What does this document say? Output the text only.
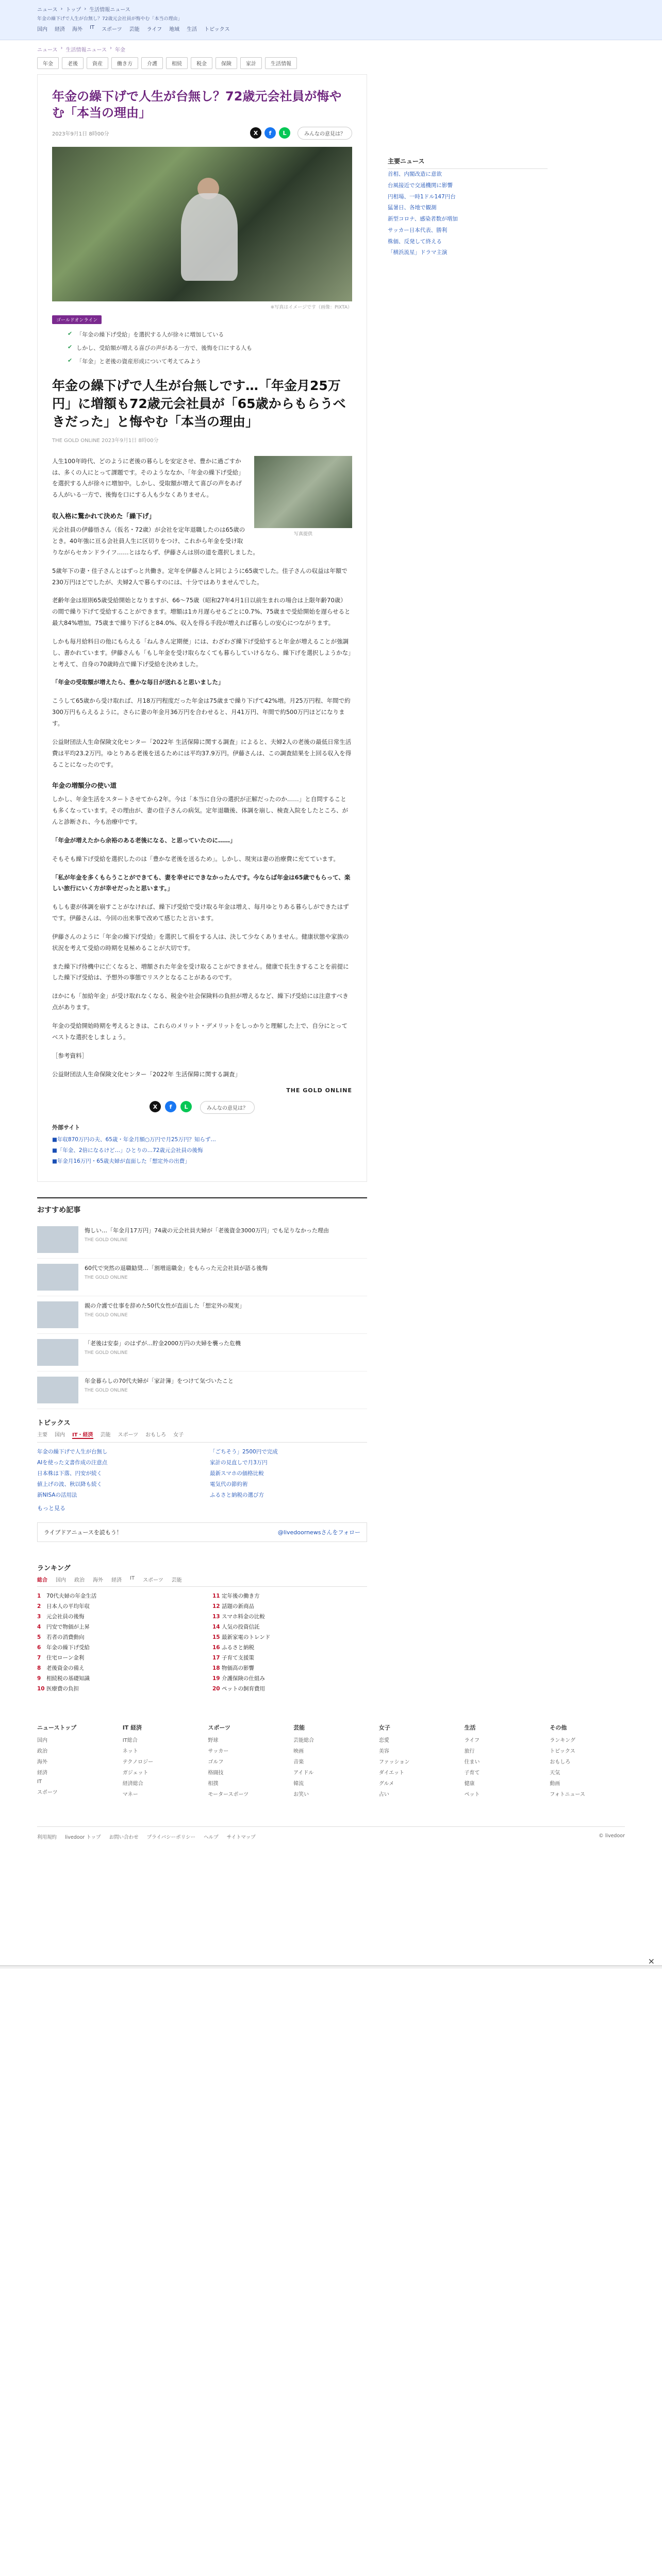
ニュース › トップ › 生活情報ニュース
年金の繰下げで人生が台無し？72歳元会社員が悔やむ「本当の理由」
国内 経済 海外 IT スポーツ 芸能 ライフ 地域 生活 トピックス
ニュース › 生活情報ニュース › 年金
年金	老後	資産	働き方	介護	相続	税金	保険	家計	生活情報
年金の繰下げで人生が台無し？72歳元会社員が悔やむ「本当の理由」
2023年9月1日 8時00分	X	f	L	みんなの意見は？
※写真はイメージです（画像：PIXTA）
ゴールドオンライン
✔ 「年金の繰下げ受給」を選択する人が徐々に増加している
✔ しかし、受給額が増える喜びの声がある一方で、後悔を口にする人も
✔ 「年金」と老後の資産形成について考えてみよう
年金の繰下げで人生が台無しです…「年金月25万円」に増額も72歳元会社員が「65歳からもらうべきだった」と悔やむ「本当の理由」
THE GOLD ONLINE 2023年9月1日 8時00分
写真提供

人生100年時代、どのように老後の暮らしを安定させ、豊かに過ごすかは、多くの人にとって課題です。そのようななか、「年金の繰下げ受給」を選択する人が徐々に増加中。しかし、受取額が増えて喜びの声をあげる人がいる一方で、後悔を口にする人も少なくありません。

収入格に驚かれて決めた「繰下げ」

元会社員の伊藤悟さん（仮名・72歳）が会社を定年退職したのは65歳のとき。40年強に亘る会社員人生に区切りをつけ、これから年金を受け取りながらセカンドライフ……とはならず、伊藤さんは別の道を選択しました。

5歳年下の妻・佳子さんとはずっと共働き。定年を伊藤さんと同じように65歳でした。佳子さんの収益は年額で230万円ほどでしたが、夫婦2人で暮らすのには、十分ではありませんでした。

老齢年金は原則65歳受給開始となりますが、66〜75歳（昭和27年4月1日以前生まれの場合は上限年齢70歳）の間で繰り下げて受給することができます。増額は1カ月遅らせるごとに0.7%、75歳まで受給開始を遅らせると最大84%増加。75歳まで繰り下げると84.0%、収入を得る手段が増えれば暮らしの安心につながります。

しかも毎月給料日の他にもらえる「ねんきん定期便」には、わざわざ繰下げ受給すると年金が増えることが強調し、書かれています。伊藤さんも「もし年金を受け取らなくても暮らしていけるなら、繰下げを選択しようかな」と考えて、自身の70歳時点で繰下げ受給を決めました。

「年金の受取額が増えたら、豊かな毎日が送れると思いました」

こうして65歳から受け取れば、月18万円程度だった年金は75歳まで繰り下げて42%増。月25万円程、年間で約300万円もらえるように。さらに妻の年金月36万円を合わせると、月41万円、年間で約500万円ほどになります。

公益財団法人生命保険文化センター「2022年 生活保障に関する調査」によると、夫婦2人の老後の最低日常生活費は平均23.2万円。ゆとりある老後を送るためには平均37.9万円。伊藤さんは、この調査結果を上回る収入を得ることになったのです。

年金の増額分の使い道

しかし、年金生活をスタートさせてから2年。今は「本当に自分の選択が正解だったのか……」と自問することも多くなっています。その理由が、妻の佳子さんの病気。定年退職後、体調を崩し、検査入院をしたところ、がんと診断され、今も治療中です。

「年金が増えたから余裕のある老後になる、と思っていたのに……」

そもそも繰下げ受給を選択したのは「豊かな老後を送るため」。しかし、現実は妻の治療費に充てています。

「私が年金を多くもらうことができても、妻を幸せにできなかったんです。今ならば年金は65歳でもらって、楽しい旅行にいく方が幸せだったと思います。」

もしも妻が体調を崩すことがなければ、繰下げ受給で受け取る年金は増え、毎月ゆとりある暮らしができたはずです。伊藤さんは、今回の出来事で改めて感じたと言います。

伊藤さんのように「年金の繰下げ受給」を選択して損をする人は、決して少なくありません。健康状態や家族の状況を考えて受給の時期を見極めることが大切です。

また繰下げ待機中に亡くなると、増額された年金を受け取ることができません。健康で長生きすることを前提にした繰下げ受給は、予想外の事態でリスクとなることがあるのです。

ほかにも「加給年金」が受け取れなくなる、税金や社会保険料の負担が増えるなど、繰下げ受給には注意すべき点があります。

年金の受給開始時期を考えるときは、これらのメリット・デメリットをしっかりと理解した上で、自分にとってベストな選択をしましょう。

［参考資料］

公益財団法人生命保険文化センター「2022年 生活保障に関する調査」

THE GOLD ONLINE
X	f	L	みんなの意見は？
外部サイト
■年収870万円の夫、65歳・年金月額○万円で月25万円？知らず…
■「年金、2倍になるけど…」ひとりの…72歳元会社員の後悔
■年金月16万円・65歳夫婦が直面した「想定外の出費」
主要ニュース
首相、内閣改造に意欲
台風接近で交通機関に影響
円相場、一時1ドル147円台
猛暑日、各地で観測
新型コロナ、感染者数が増加
サッカー日本代表、勝利
株価、反発して終える
「横浜流星」ドラマ主演
おすすめ記事
悔しい…「年金月17万円」74歳の元会社員夫婦が「老後資金3000万円」でも足りなかった理由
THE GOLD ONLINE
60代で突然の退職勧奨…「割増退職金」をもらった元会社員が語る後悔
THE GOLD ONLINE
親の介護で仕事を辞めた50代女性が直面した「想定外の現実」
THE GOLD ONLINE
「老後は安泰」のはずが…貯金2000万円の夫婦を襲った危機
THE GOLD ONLINE
年金暮らしの70代夫婦が「家計簿」をつけて気づいたこと
THE GOLD ONLINE
トピックス
主要 国内 IT・経済 芸能 スポーツ おもしろ 女子
年金の繰下げで人生が台無し	「ごちそう」2500円で完成
AIを使った文書作成の注意点	家計の見直しで月3万円
日本株は下落、円安が続く	最新スマホの価格比較
値上げの波、秋以降も続く	電気代の節約術
新NISAの活用法	ふるさと納税の選び方
もっと見る
ライブドアニュースを読もう！	@livedoornewsさんをフォロー
ランキング
総合 国内 政治 海外 経済 IT スポーツ 芸能
1 70代夫婦の年金生活	11 定年後の働き方
2 日本人の平均年収	12 話題の新商品
3 元会社員の後悔	13 スマホ料金の比較
4 円安で物価が上昇	14 人気の投資信託
5 若者の消費動向	15 最新家電のトレンド
6 年金の繰下げ受給	16 ふるさと納税
7 住宅ローン金利	17 子育て支援策
8 老後資金の備え	18 物価高の影響
9 相続税の基礎知識	19 介護保険の仕組み
10 医療費の負担	20 ペットの飼育費用
ニューストップ
国内
政治
海外
経済
IT
スポーツ
IT 経済
IT総合
ネット
テクノロジー
ガジェット
経済総合
マネー
スポーツ
野球
サッカー
ゴルフ
格闘技
相撲
モータースポーツ
芸能
芸能総合
映画
音楽
アイドル
韓流
お笑い
女子
恋愛
美容
ファッション
ダイエット
グルメ
占い
生活
ライフ
旅行
住まい
子育て
健康
ペット
その他
ランキング
トピックス
おもしろ
天気
動画
フォトニュース
利用規約 livedoor トップ お問い合わせ プライバシーポリシー ヘルプ サイトマップ	© livedoor
×
